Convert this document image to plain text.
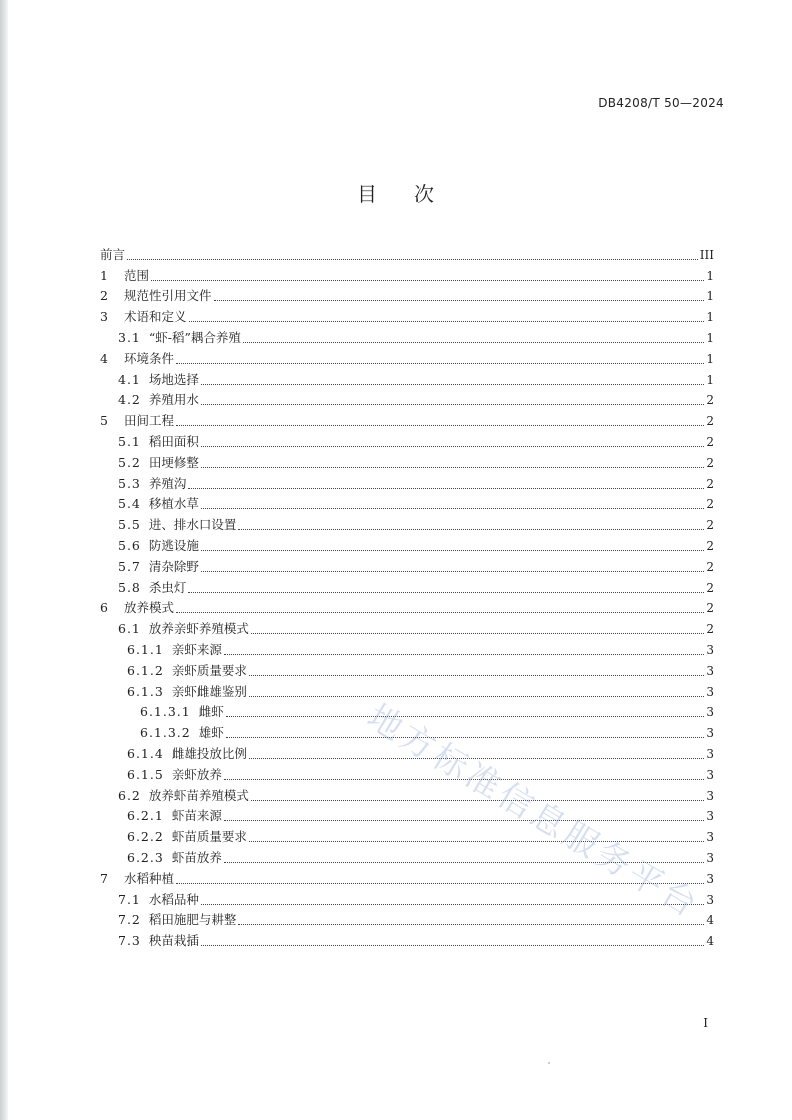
DB4208/T 50—2024
目 次
前言	III
1	范围	1
2	规范性引用文件	1
3	术语和定义	1
3.1 “虾-稻”耦合养殖	1
4	环境条件	1
4.1 场地选择	1
4.2 养殖用水	2
5	田间工程	2
5.1 稻田面积	2
5.2 田埂修整	2
5.3 养殖沟	2
5.4 移植水草	2
5.5 进、排水口设置	2
5.6 防逃设施	2
5.7 清杂除野	2
5.8 杀虫灯	2
6	放养模式	2
6.1 放养亲虾养殖模式	2
6.1.1 亲虾来源	3
6.1.2 亲虾质量要求	3
6.1.3 亲虾雌雄鉴别	3
6.1.3.1 雌虾	3
6.1.3.2 雄虾	3
6.1.4 雌雄投放比例	3
6.1.5 亲虾放养	3
6.2 放养虾苗养殖模式	3
6.2.1 虾苗来源	3
6.2.2 虾苗质量要求	3
6.2.3 虾苗放养	3
7	水稻种植	3
7.1 水稻品种	3
7.2 稻田施肥与耕整	4
7.3 秧苗栽插	4
地方标准信息服务平台
I
